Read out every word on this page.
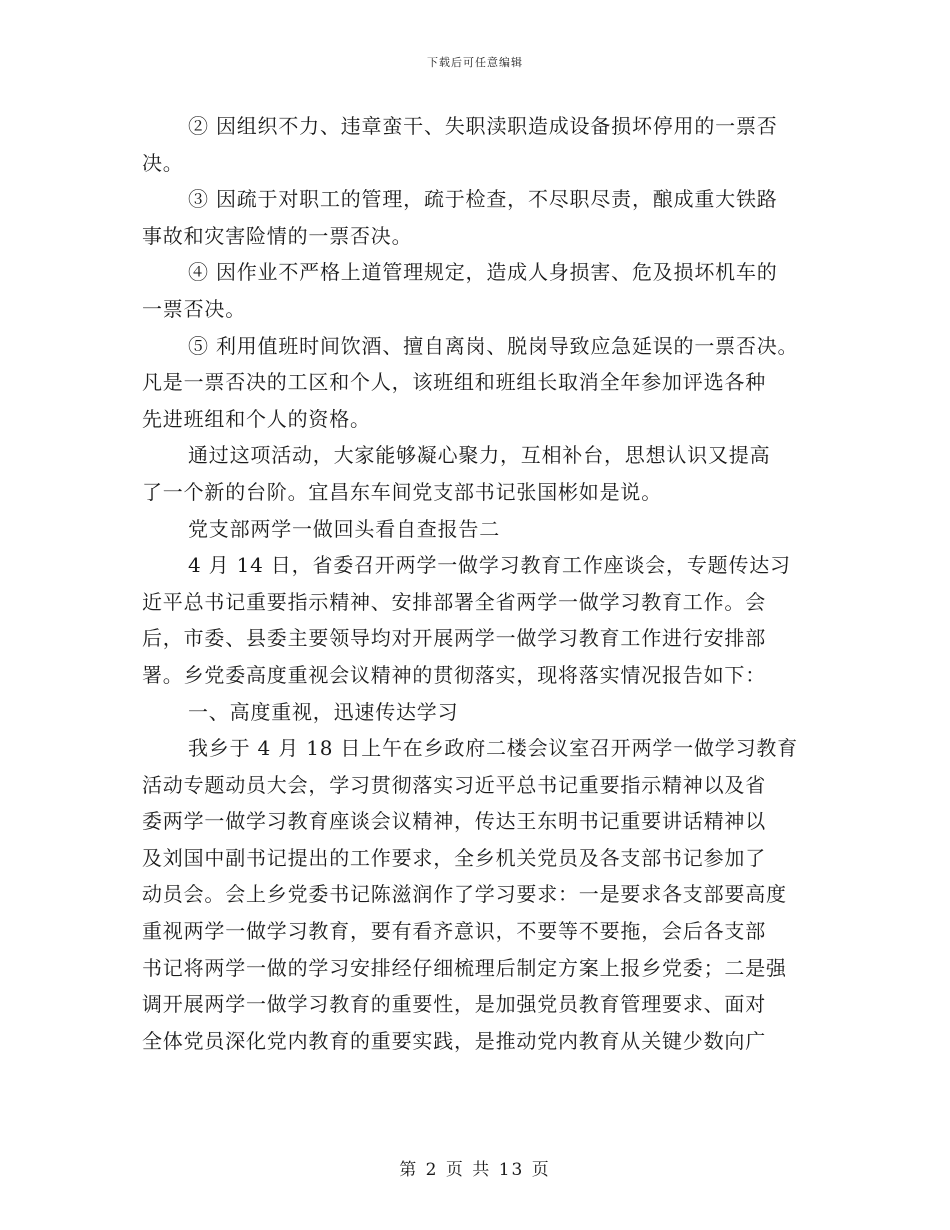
下载后可任意编辑
② 因组织不力、违章蛮干、失职渎职造成设备损坏停用的一票否
决。
③ 因疏于对职工的管理，疏于检查，不尽职尽责，酿成重大铁路
事故和灾害险情的一票否决。
④ 因作业不严格上道管理规定，造成人身损害、危及损坏机车的
一票否决。
⑤ 利用值班时间饮酒、擅自离岗、脱岗导致应急延误的一票否决。
凡是一票否决的工区和个人，该班组和班组长取消全年参加评选各种
先进班组和个人的资格。
通过这项活动，大家能够凝心聚力，互相补台，思想认识又提高
了一个新的台阶。宜昌东车间党支部书记张国彬如是说。
党支部两学一做回头看自查报告二
4 月 14 日，省委召开两学一做学习教育工作座谈会，专题传达习
近平总书记重要指示精神、安排部署全省两学一做学习教育工作。会
后，市委、县委主要领导均对开展两学一做学习教育工作进行安排部
署。乡党委高度重视会议精神的贯彻落实，现将落实情况报告如下：
一、高度重视，迅速传达学习
我乡于 4 月 18 日上午在乡政府二楼会议室召开两学一做学习教育
活动专题动员大会，学习贯彻落实习近平总书记重要指示精神以及省
委两学一做学习教育座谈会议精神，传达王东明书记重要讲话精神以
及刘国中副书记提出的工作要求，全乡机关党员及各支部书记参加了
动员会。会上乡党委书记陈滋润作了学习要求：一是要求各支部要高度
重视两学一做学习教育，要有看齐意识，不要等不要拖，会后各支部
书记将两学一做的学习安排经仔细梳理后制定方案上报乡党委；二是强
调开展两学一做学习教育的重要性，是加强党员教育管理要求、面对
全体党员深化党内教育的重要实践，是推动党内教育从关键少数向广
第 2 页 共 13 页
